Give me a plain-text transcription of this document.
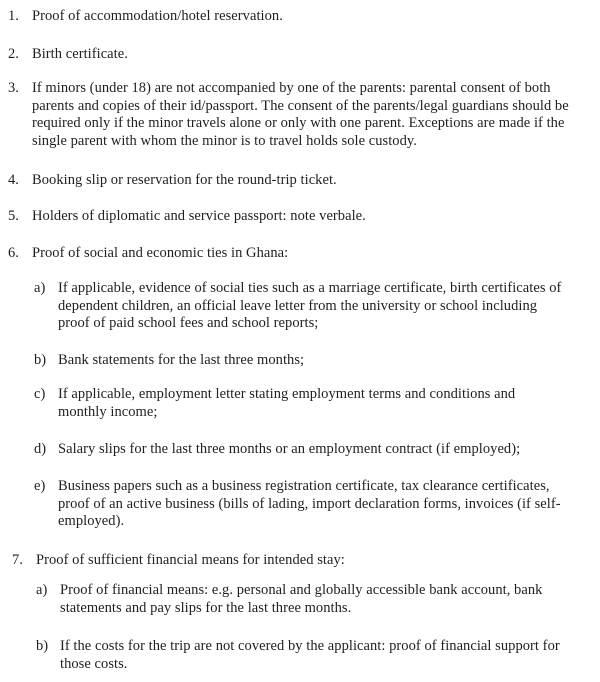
1. Proof of accommodation/hotel reservation.
2. Birth certificate.
3. If minors (under 18) are not accompanied by one of the parents: parental consent of both parents and copies of their id/passport. The consent of the parents/legal guardians should be required only if the minor travels alone or only with one parent. Exceptions are made if the single parent with whom the minor is to travel holds sole custody.
4. Booking slip or reservation for the round-trip ticket.
5. Holders of diplomatic and service passport: note verbale.
6. Proof of social and economic ties in Ghana:
a) If applicable, evidence of social ties such as a marriage certificate, birth certificates of dependent children, an official leave letter from the university or school including proof of paid school fees and school reports;
b) Bank statements for the last three months;
c) If applicable, employment letter stating employment terms and conditions and monthly income;
d) Salary slips for the last three months or an employment contract (if employed);
e) Business papers such as a business registration certificate, tax clearance certificates, proof of an active business (bills of lading, import declaration forms, invoices (if self-employed).
7. Proof of sufficient financial means for intended stay:
a) Proof of financial means: e.g. personal and globally accessible bank account, bank statements and pay slips for the last three months.
b) If the costs for the trip are not covered by the applicant: proof of financial support for those costs.
